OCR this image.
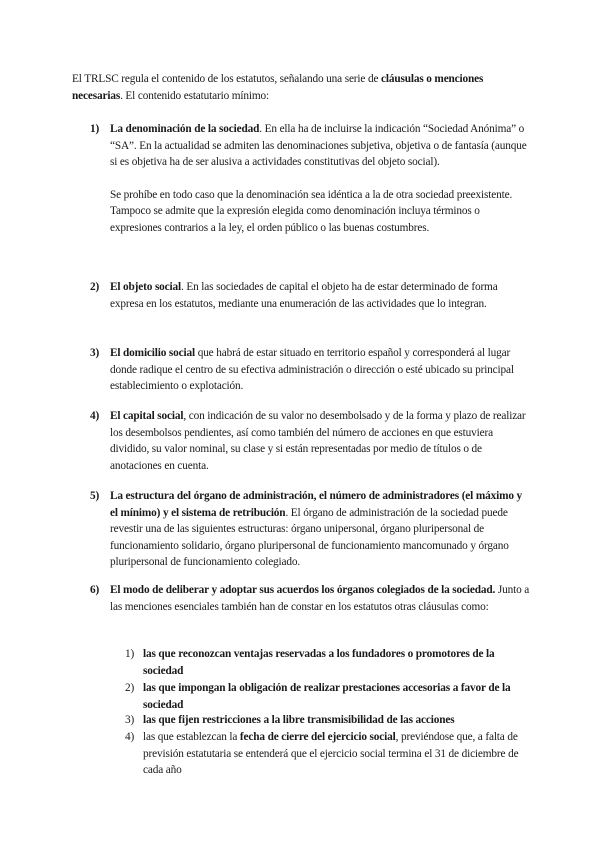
El TRLSC regula el contenido de los estatutos, señalando una serie de cláusulas o menciones necesarias. El contenido estatutario mínimo:
1) La denominación de la sociedad. En ella ha de incluirse la indicación “Sociedad Anónima” o “SA”. En la actualidad se admiten las denominaciones subjetiva, objetiva o de fantasía (aunque si es objetiva ha de ser alusiva a actividades constitutivas del objeto social).

Se prohíbe en todo caso que la denominación sea idéntica a la de otra sociedad preexistente. Tampoco se admite que la expresión elegida como denominación incluya términos o expresiones contrarios a la ley, el orden público o las buenas costumbres.

2) El objeto social. En las sociedades de capital el objeto ha de estar determinado de forma expresa en los estatutos, mediante una enumeración de las actividades que lo integran.

3) El domicilio social que habrá de estar situado en territorio español y corresponderá al lugar donde radique el centro de su efectiva administración o dirección o esté ubicado su principal establecimiento o explotación.

4) El capital social, con indicación de su valor no desembolsado y de la forma y plazo de realizar los desembolsos pendientes, así como también del número de acciones en que estuviera dividido, su valor nominal, su clase y si están representadas por medio de títulos o de anotaciones en cuenta.

5) La estructura del órgano de administración, el número de administradores (el máximo y el mínimo) y el sistema de retribución. El órgano de administración de la sociedad puede revestir una de las siguientes estructuras: órgano unipersonal, órgano pluripersonal de funcionamiento solidario, órgano pluripersonal de funcionamiento mancomunado y órgano pluripersonal de funcionamiento colegiado.

6) El modo de deliberar y adoptar sus acuerdos los órganos colegiados de la sociedad. Junto a las menciones esenciales también han de constar en los estatutos otras cláusulas como:

1) las que reconozcan ventajas reservadas a los fundadores o promotores de la sociedad
2) las que impongan la obligación de realizar prestaciones accesorias a favor de la sociedad
3) las que fijen restricciones a la libre transmisibilidad de las acciones
4) las que establezcan la fecha de cierre del ejercicio social, previéndose que, a falta de previsión estatutaria se entenderá que el ejercicio social termina el 31 de diciembre de cada año
